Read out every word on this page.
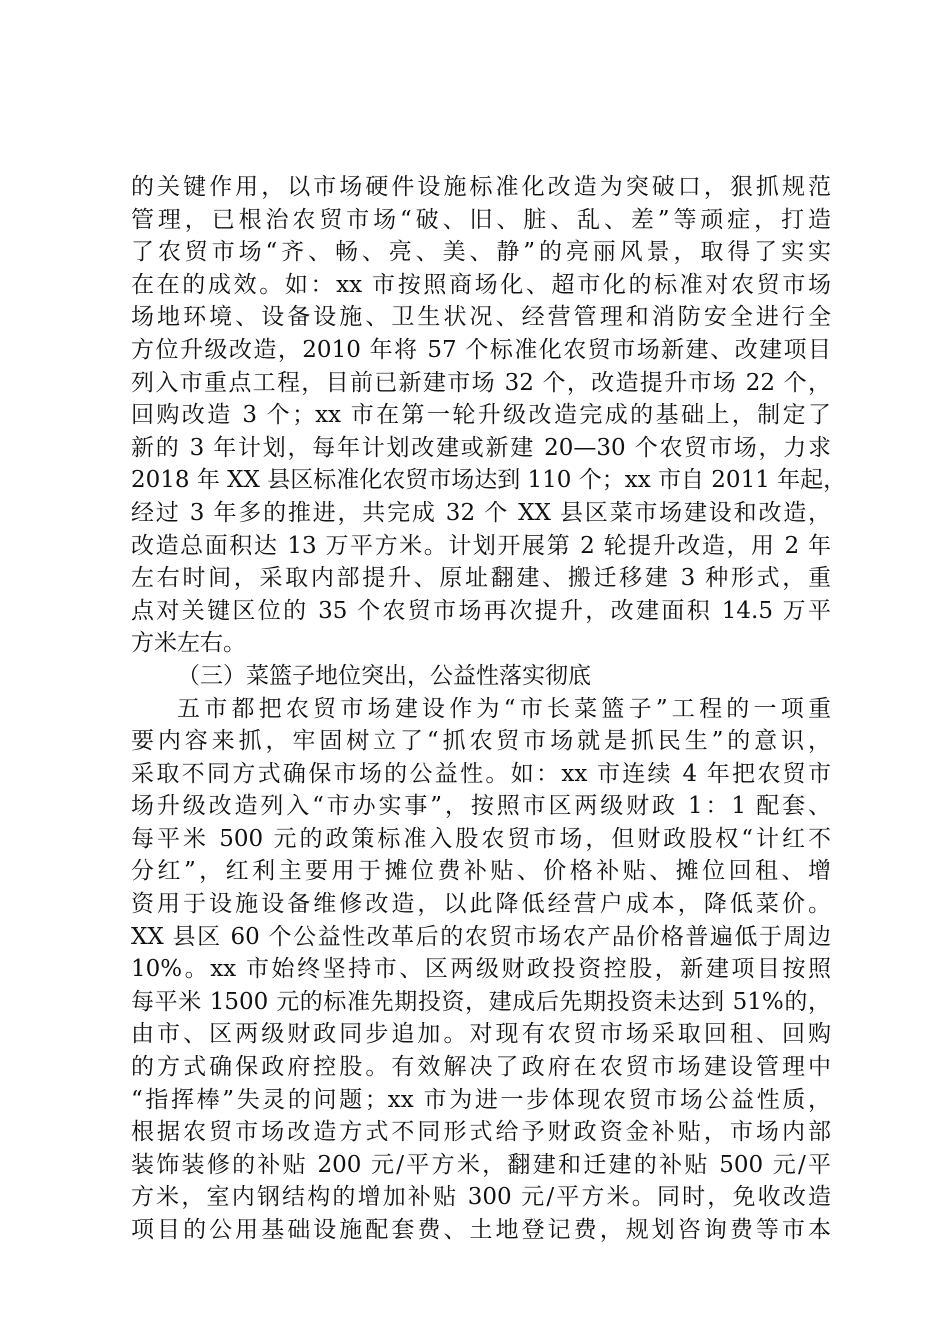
的关键作用，以市场硬件设施标准化改造为突破口，狠抓规范
管理，已根治农贸市场“破、旧、脏、乱、差”等顽症，打造
了农贸市场“齐、畅、亮、美、静”的亮丽风景，取得了实实
在在的成效。如：xx 市按照商场化、超市化的标准对农贸市场
场地环境、设备设施、卫生状况、经营管理和消防安全进行全
方位升级改造，2010 年将 57 个标准化农贸市场新建、改建项目
列入市重点工程，目前已新建市场 32 个，改造提升市场 22 个，
回购改造 3 个；xx 市在第一轮升级改造完成的基础上，制定了
新的 3 年计划，每年计划改建或新建 20—30 个农贸市场，力求
2018 年 XX 县区标准化农贸市场达到 110 个；xx 市自 2011 年起，
经过 3 年多的推进，共完成 32 个 XX 县区菜市场建设和改造，
改造总面积达 13 万平方米。计划开展第 2 轮提升改造，用 2 年
左右时间，采取内部提升、原址翻建、搬迁移建 3 种形式，重
点对关键区位的 35 个农贸市场再次提升，改建面积 14.5 万平
方米左右。
（三）菜篮子地位突出，公益性落实彻底
五市都把农贸市场建设作为“市长菜篮子”工程的一项重
要内容来抓，牢固树立了“抓农贸市场就是抓民生”的意识，
采取不同方式确保市场的公益性。如：xx 市连续 4 年把农贸市
场升级改造列入“市办实事”，按照市区两级财政 1：1 配套、
每平米 500 元的政策标准入股农贸市场，但财政股权“计红不
分红”，红利主要用于摊位费补贴、价格补贴、摊位回租、增
资用于设施设备维修改造，以此降低经营户成本，降低菜价。
XX 县区 60 个公益性改革后的农贸市场农产品价格普遍低于周边
10%。xx 市始终坚持市、区两级财政投资控股，新建项目按照
每平米 1500 元的标准先期投资，建成后先期投资未达到 51%的，
由市、区两级财政同步追加。对现有农贸市场采取回租、回购
的方式确保政府控股。有效解决了政府在农贸市场建设管理中
“指挥棒”失灵的问题；xx 市为进一步体现农贸市场公益性质，
根据农贸市场改造方式不同形式给予财政资金补贴，市场内部
装饰装修的补贴 200 元/平方米，翻建和迁建的补贴 500 元/平
方米，室内钢结构的增加补贴 300 元/平方米。同时，免收改造
项目的公用基础设施配套费、土地登记费，规划咨询费等市本
